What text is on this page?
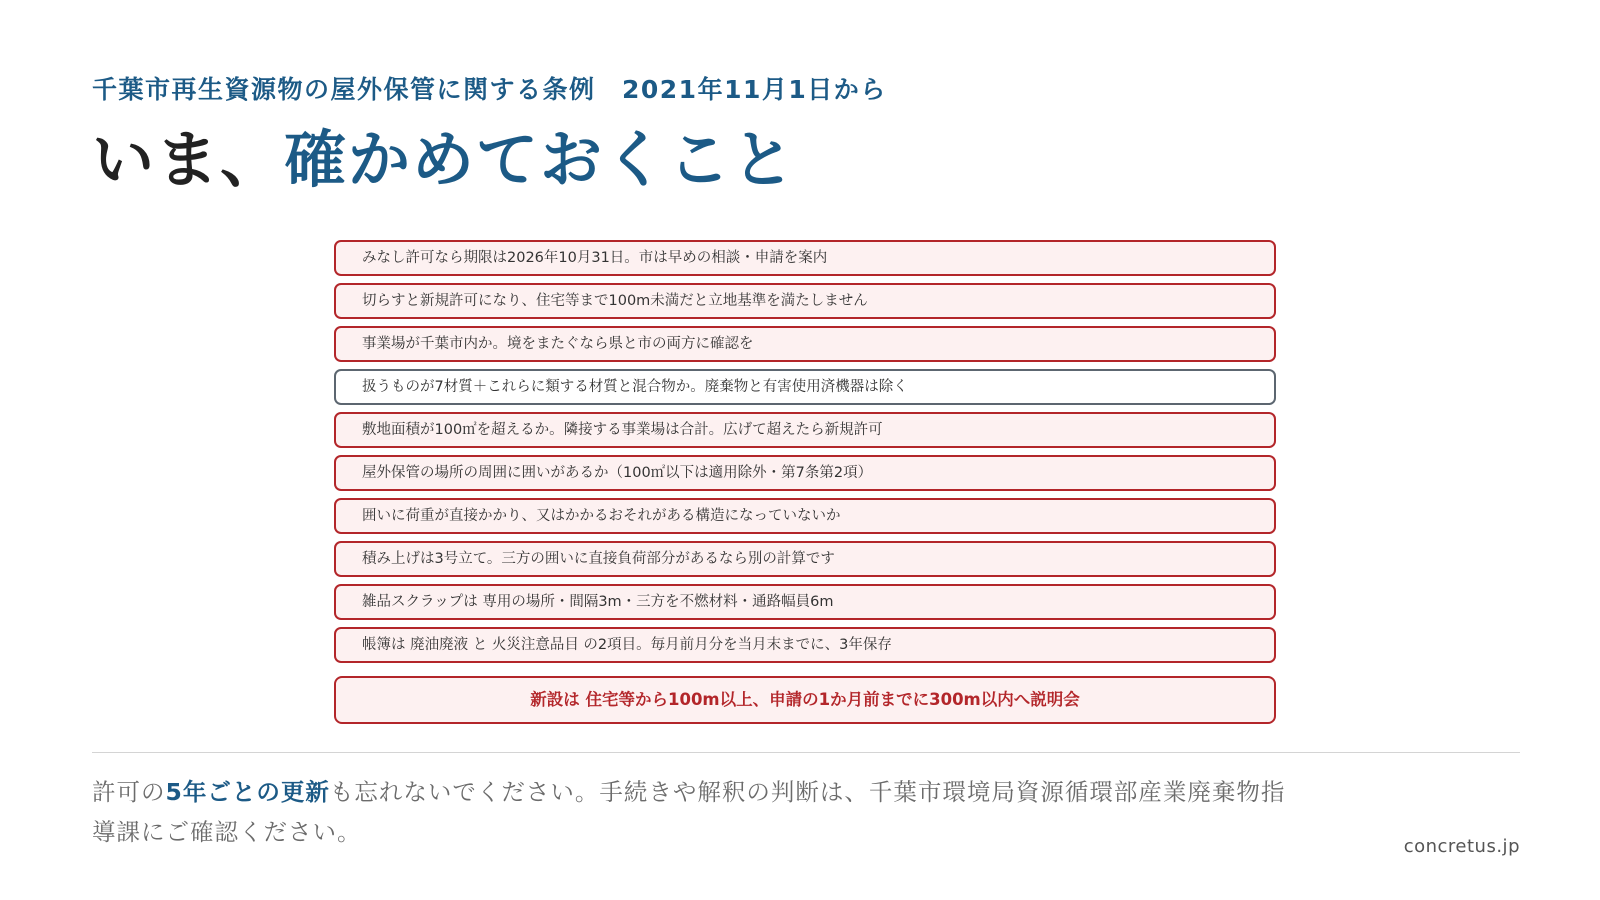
千葉市再生資源物の屋外保管に関する条例　2021年11月1日から
いま、確かめておくこと
みなし許可なら期限は2026年10月31日。市は早めの相談・申請を案内
切らすと新規許可になり、住宅等まで100m未満だと立地基準を満たしません
事業場が千葉市内か。境をまたぐなら県と市の両方に確認を
扱うものが7材質＋これらに類する材質と混合物か。廃棄物と有害使用済機器は除く
敷地面積が100㎡を超えるか。隣接する事業場は合計。広げて超えたら新規許可
屋外保管の場所の周囲に囲いがあるか（100㎡以下は適用除外・第7条第2項）
囲いに荷重が直接かかり、又はかかるおそれがある構造になっていないか
積み上げは3号立て。三方の囲いに直接負荷部分があるなら別の計算です
雑品スクラップは 専用の場所・間隔3m・三方を不燃材料・通路幅員6m
帳簿は 廃油廃液 と 火災注意品目 の2項目。毎月前月分を当月末までに、3年保存
新設は 住宅等から100m以上、申請の1か月前までに300m以内へ説明会
許可の5年ごとの更新も忘れないでください。手続きや解釈の判断は、千葉市環境局資源循環部産業廃棄物指導課にご確認ください。
concretus.jp
